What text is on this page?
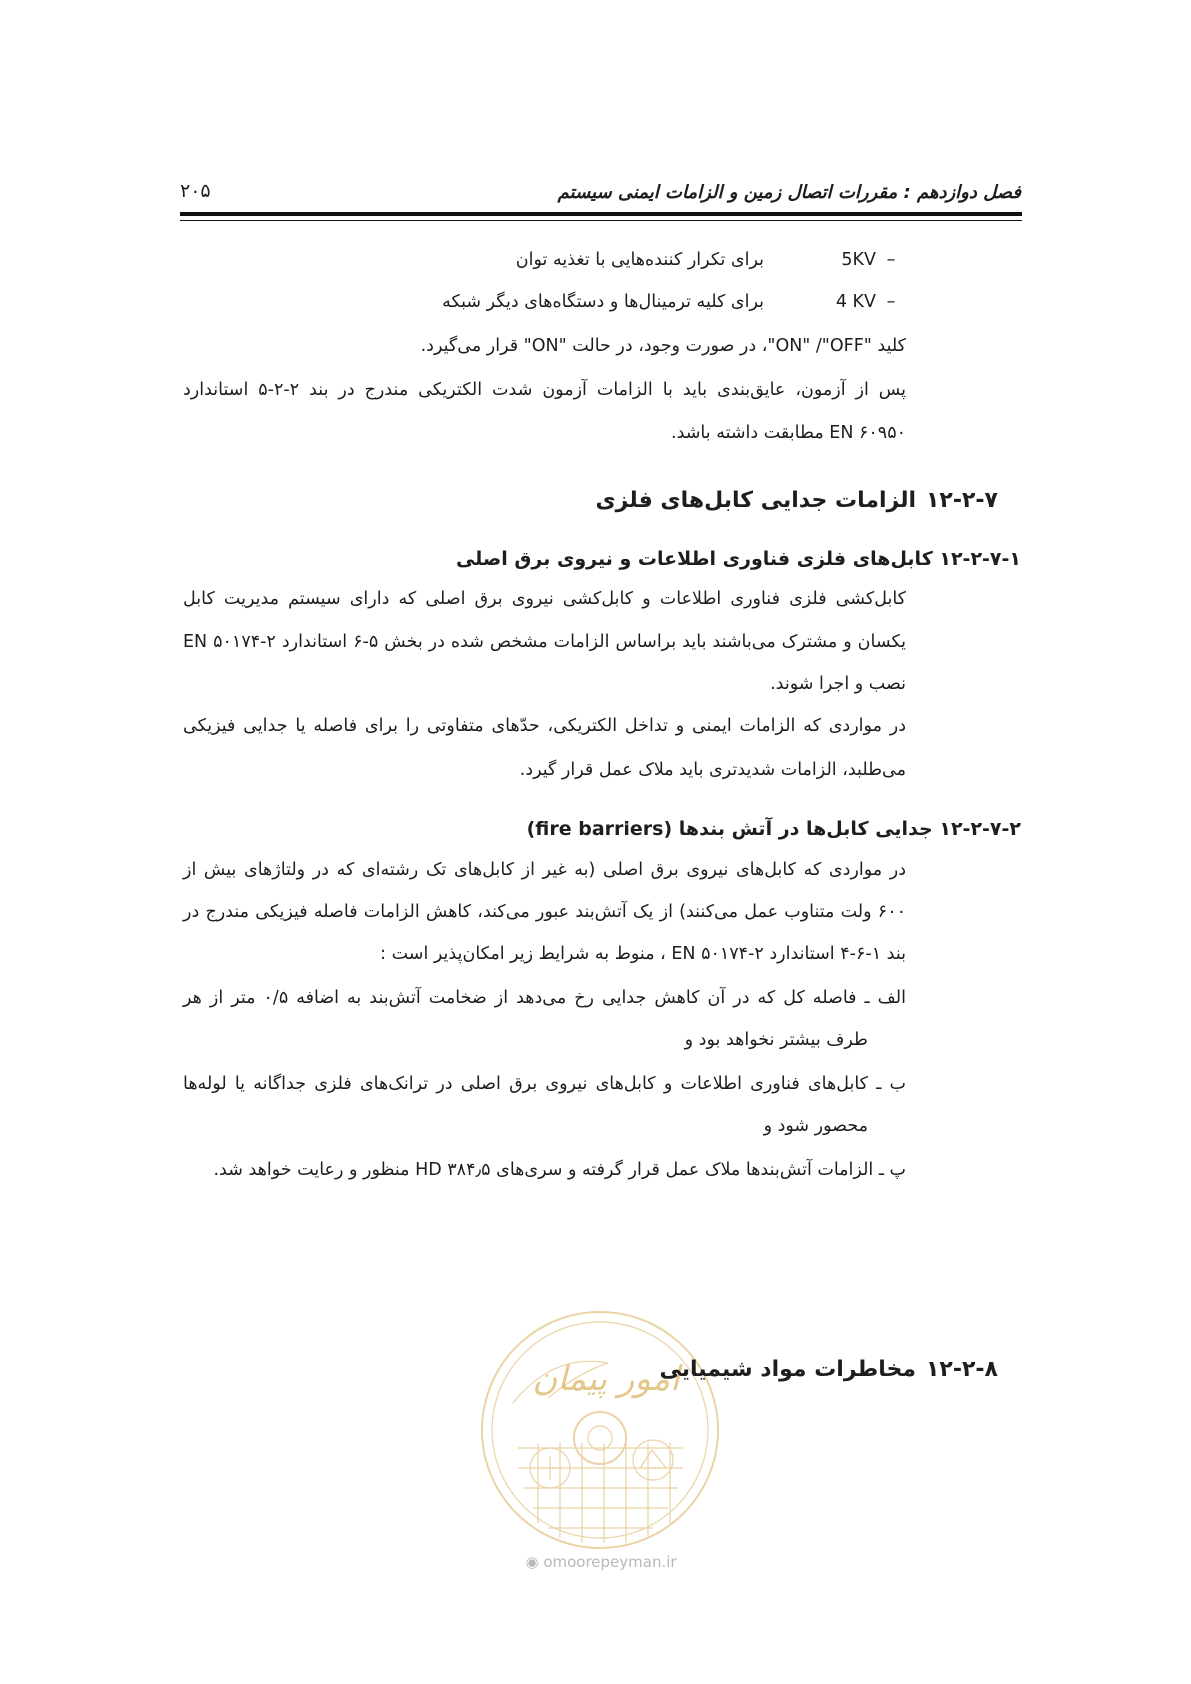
فصل دوازدهم : مقررات اتصال زمین و الزامات ایمنی سیستم
۲۰۵
–5KVبرای تکرار کننده‌هایی با تغذیه توان
–4 KVبرای کلیه ترمینال‌ها و دستگاه‌های دیگر شبکه
کلید "ON" /"OFF"، در صورت وجود، در حالت "ON" قرار می‌گیرد.
پس از آزمون، عایق‌بندی باید با الزامات آزمون شدت الکتریکی مندرج در بند ۲-۲-۵ استاندارد
EN ۶۰۹۵۰ مطابقت داشته باشد.
۱۲-۲-۷الزامات جدایی کابل‌های فلزی
۱۲-۲-۷-۱ کابل‌های فلزی فناوری اطلاعات و نیروی برق اصلی
کابل‌کشی فلزی فناوری اطلاعات و کابل‌کشی نیروی برق اصلی که دارای سیستم مدیریت کابل
یکسان و مشترک می‌باشند باید براساس الزامات مشخص شده در بخش ۵-۶ استاندارد EN ۵۰۱۷۴-۲
نصب و اجرا شوند.
در مواردی که الزامات ایمنی و تداخل الکتریکی، حدّهای متفاوتی را برای فاصله یا جدایی فیزیکی
می‌طلبد، الزامات شدیدتری باید ملاک عمل قرار گیرد.
۱۲-۲-۷-۲ جدایی کابل‌ها در آتش بندها (fire barriers)
در مواردی که کابل‌های نیروی برق اصلی (به غیر از کابل‌های تک رشته‌ای که در ولتاژهای بیش از
۶۰۰ ولت متناوب عمل می‌کنند) از یک آتش‌بند عبور می‌کند، کاهش الزامات فاصله فیزیکی مندرج در
بند ۱-۶-۴ استاندارد EN ۵۰۱۷۴-۲ ، منوط به شرایط زیر امکان‌پذیر است :
الف ـ فاصله کل که در آن کاهش جدایی رخ می‌دهد از ضخامت آتش‌بند به اضافه ۰/۵ متر از هر
طرف بیشتر نخواهد بود و
ب ـ کابل‌های فناوری اطلاعات و کابل‌های نیروی برق اصلی در ترانک‌های فلزی جداگانه یا لوله‌ها
محصور شود و
پ ـ الزامات آتش‌بندها ملاک عمل قرار گرفته و سری‌های HD ۳۸۴٫۵ منظور و رعایت خواهد شد.
امور پیمان	۱۲-۲-۸مخاطرات مواد شیمیایی
◉ omoorepeyman.ir
